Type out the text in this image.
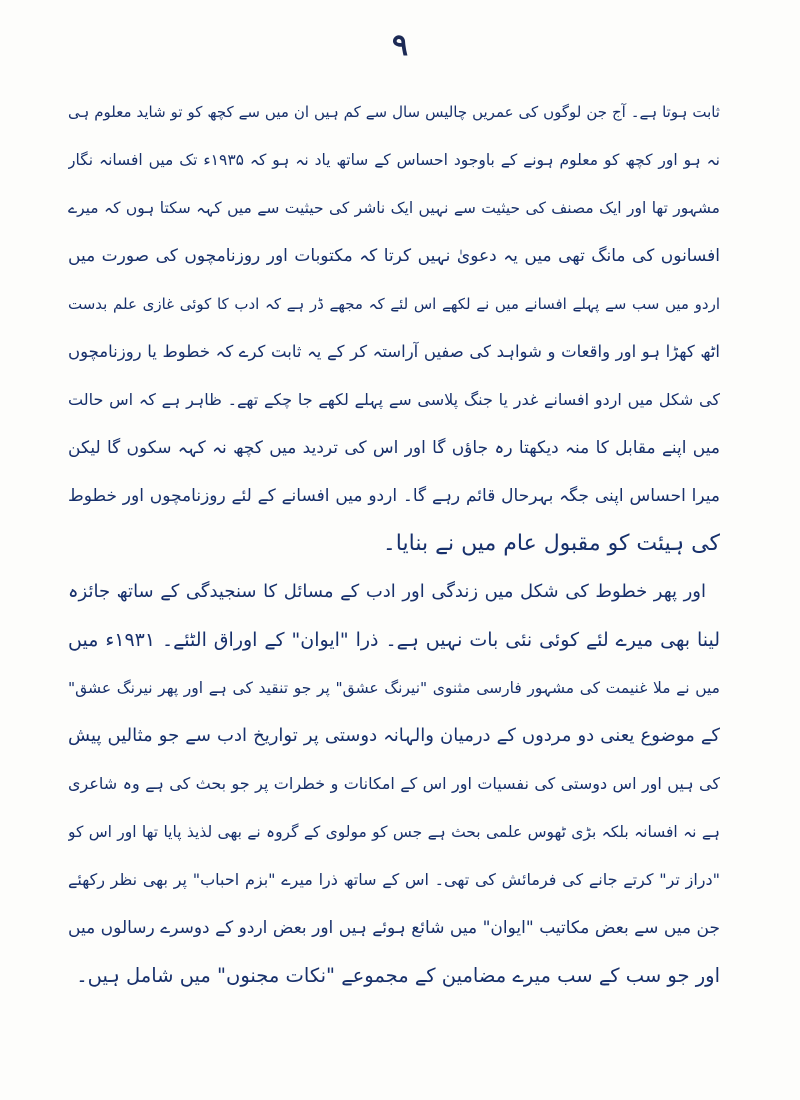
۹
ثابت ہوتا ہے۔ آج جن لوگوں کی عمریں چالیس سال سے کم ہیں ان میں سے کچھ کو تو شاید معلوم ہی
نہ ہو اور کچھ کو معلوم ہونے کے باوجود احساس کے ساتھ یاد نہ ہو کہ ۱۹۳۵ء تک میں افسانہ نگار
مشہور تھا اور ایک مصنف کی حیثیت سے نہیں ایک ناشر کی حیثیت سے میں کہہ سکتا ہوں کہ میرے
افسانوں کی مانگ تھی میں یہ دعویٰ نہیں کرتا کہ مکتوبات اور روزنامچوں کی صورت میں
اردو میں سب سے پہلے افسانے میں نے لکھے اس لئے کہ مجھے ڈر ہے کہ ادب کا کوئی غازی علم بدست
اٹھ کھڑا ہو اور واقعات و شواہد کی صفیں آراستہ کر کے یہ ثابت کرے کہ خطوط یا روزنامچوں
کی شکل میں اردو افسانے غدر یا جنگ پلاسی سے پہلے لکھے جا چکے تھے۔ ظاہر ہے کہ اس حالت
میں اپنے مقابل کا منہ دیکھتا رہ جاؤں گا اور اس کی تردید میں کچھ نہ کہہ سکوں گا لیکن
میرا احساس اپنی جگہ بہرحال قائم رہے گا۔ اردو میں افسانے کے لئے روزنامچوں اور خطوط
کی ہیئت کو مقبول عام میں نے بنایا۔
اور پھر خطوط کی شکل میں زندگی اور ادب کے مسائل کا سنجیدگی کے ساتھ جائزہ
لینا بھی میرے لئے کوئی نئی بات نہیں ہے۔ ذرا "ایوان" کے اوراق الٹئے۔ ۱۹۳۱ء میں
میں نے ملا غنیمت کی مشہور فارسی مثنوی "نیرنگ عشق" پر جو تنقید کی ہے اور پھر نیرنگ عشق"
کے موضوع یعنی دو مردوں کے درمیان والہانہ دوستی پر تواریخ ادب سے جو مثالیں پیش
کی ہیں اور اس دوستی کی نفسیات اور اس کے امکانات و خطرات پر جو بحث کی ہے وہ شاعری
ہے نہ افسانہ بلکہ بڑی ٹھوس علمی بحث ہے جس کو مولوی کے گروہ نے بھی لذیذ پایا تھا اور اس کو
"دراز تر" کرتے جانے کی فرمائش کی تھی۔ اس کے ساتھ ذرا میرے "بزم احباب" پر بھی نظر رکھئے
جن میں سے بعض مکاتیب "ایوان" میں شائع ہوئے ہیں اور بعض اردو کے دوسرے رسالوں میں
اور جو سب کے سب میرے مضامین کے مجموعے "نکات مجنوں" میں شامل ہیں۔
